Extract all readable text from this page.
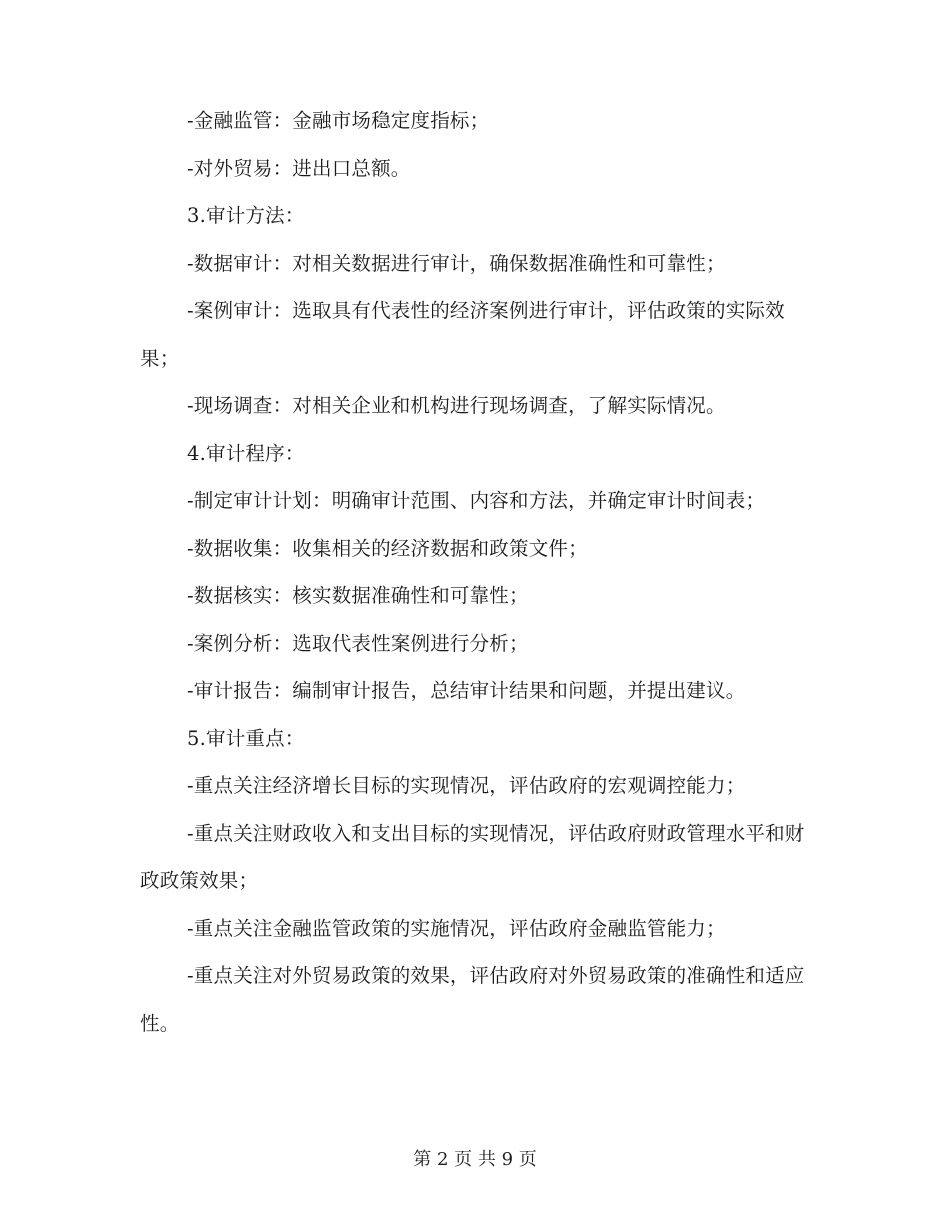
-金融监管：金融市场稳定度指标；

-对外贸易：进出口总额。

3.审计方法：

-数据审计：对相关数据进行审计，确保数据准确性和可靠性；

-案例审计：选取具有代表性的经济案例进行审计，评估政策的实际效果；

-现场调查：对相关企业和机构进行现场调查，了解实际情况。

4.审计程序：

-制定审计计划：明确审计范围、内容和方法，并确定审计时间表；

-数据收集：收集相关的经济数据和政策文件；

-数据核实：核实数据准确性和可靠性；

-案例分析：选取代表性案例进行分析；

-审计报告：编制审计报告，总结审计结果和问题，并提出建议。

5.审计重点：

-重点关注经济增长目标的实现情况，评估政府的宏观调控能力；

-重点关注财政收入和支出目标的实现情况，评估政府财政管理水平和财政政策效果；

-重点关注金融监管政策的实施情况，评估政府金融监管能力；

-重点关注对外贸易政策的效果，评估政府对外贸易政策的准确性和适应性。

第 2 页 共 9 页
